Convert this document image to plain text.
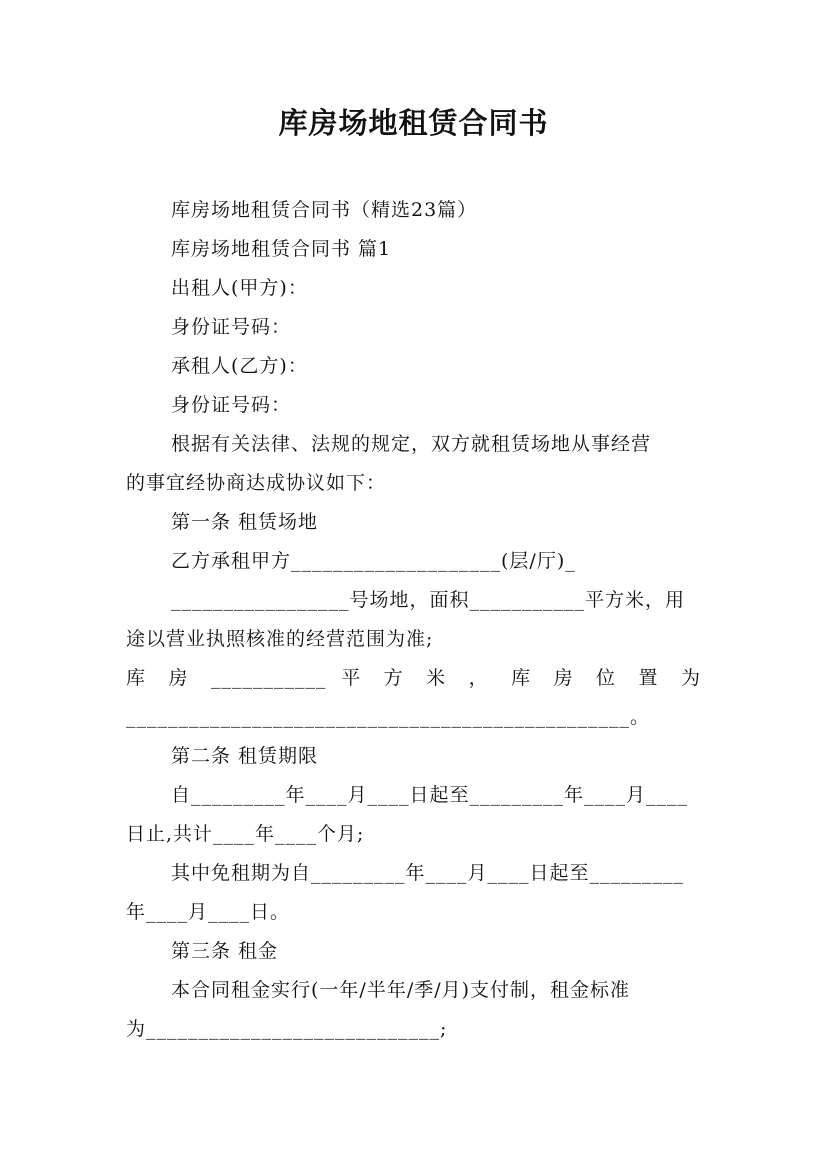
库房场地租赁合同书
库房场地租赁合同书（精选23篇）
库房场地租赁合同书 篇1
出租人(甲方)：
身份证号码：
承租人(乙方)：
身份证号码：
根据有关法律、法规的规定，双方就租赁场地从事经营
的事宜经协商达成协议如下：
第一条 租赁场地
乙方承租甲方____________________(层/厅)_
_________________号场地，面积___________平方米，用
途以营业执照核准的经营范围为准;
库 房 ___________ 平 方 米 ， 库 房 位 置 为
________________________________________________。
第二条 租赁期限
自_________年____月____日起至_________年____月____
日止,共计____年____个月;
其中免租期为自_________年____月____日起至_________
年____月____日。
第三条 租金
本合同租金实行(一年/半年/季/月)支付制，租金标准
为____________________________;
